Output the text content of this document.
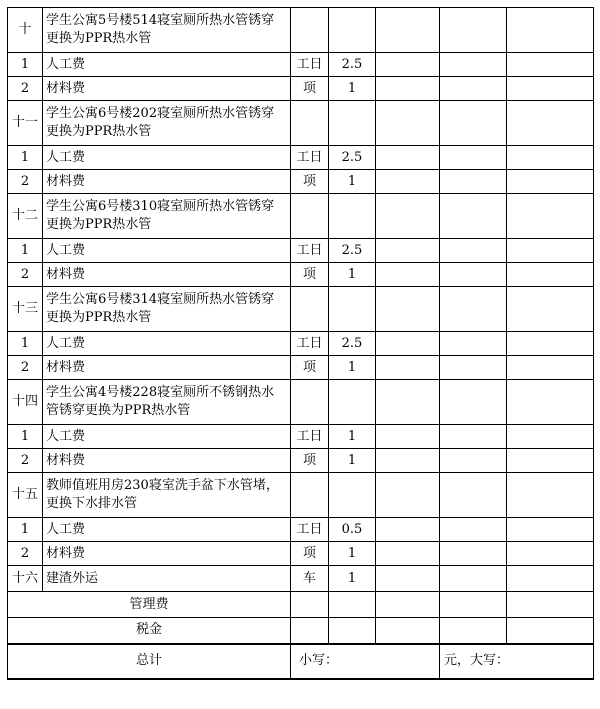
十	学生公寓5号楼514寝室厕所热水管锈穿更换为PPR热水管					
1	人工费	工日	2.5			
2	材料费	项	1			
十一	学生公寓6号楼202寝室厕所热水管锈穿更换为PPR热水管					
1	人工费	工日	2.5			
2	材料费	项	1			
十二	学生公寓6号楼310寝室厕所热水管锈穿更换为PPR热水管					
1	人工费	工日	2.5			
2	材料费	项	1			
十三	学生公寓6号楼314寝室厕所热水管锈穿更换为PPR热水管					
1	人工费	工日	2.5			
2	材料费	项	1			
十四	学生公寓4号楼228寝室厕所不锈钢热水管锈穿更换为PPR热水管					
1	人工费	工日	1			
2	材料费	项	1			
十五	教师值班用房230寝室洗手盆下水管堵，更换下水排水管					
1	人工费	工日	0.5			
2	材料费	项	1			
十六	建渣外运	车	1			
管理费						
税金						
总计		小写：			元，大写：	
